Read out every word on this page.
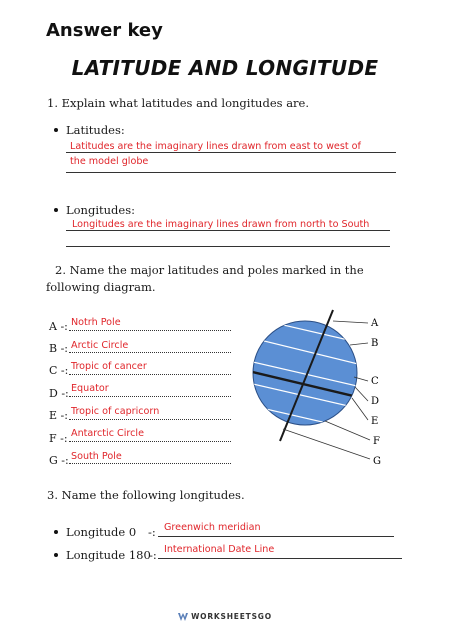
Answer key
LATITUDE AND LONGITUDE
1. Explain what latitudes and longitudes are.
Latitudes:
Latitudes are the imaginary lines drawn from east to west of
the model globe
Longitudes:
Longitudes are the imaginary lines drawn from north to South
2. Name the major latitudes and poles marked in the
following diagram.
A -: Notrh Pole
B -: Arctic Circle
C -: Tropic of cancer
D -: Equator
E -: Tropic of capricorn
F -: Antarctic Circle
G -: South Pole
A
B
C
D
E
F
G
3. Name the following longitudes.
Longitude 0 -: Greenwich meridian
Longitude 180
-: International Date Line
WORKSHEETSGO
